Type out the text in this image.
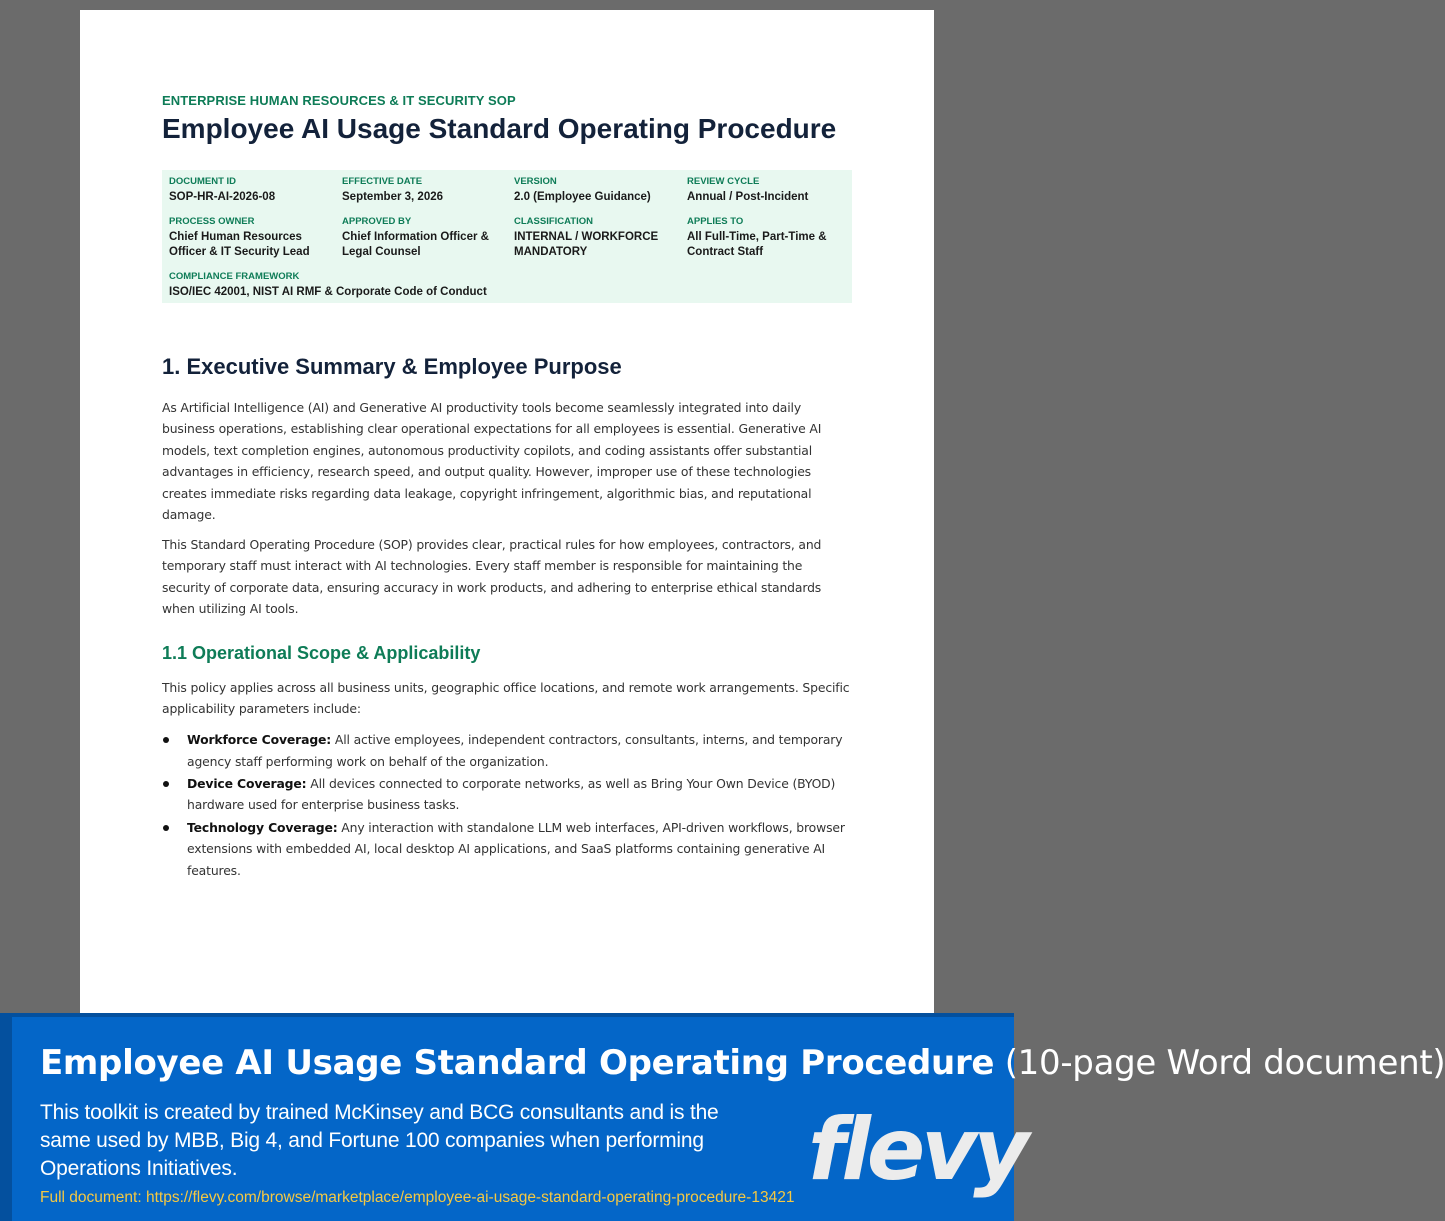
ENTERPRISE HUMAN RESOURCES & IT SECURITY SOP
Employee AI Usage Standard Operating Procedure
DOCUMENT ID
SOP-HR-AI-2026-08
EFFECTIVE DATE
September 3, 2026
VERSION
2.0 (Employee Guidance)
REVIEW CYCLE
Annual / Post-Incident
PROCESS OWNER
Chief Human Resources Officer & IT Security Lead
APPROVED BY
Chief Information Officer & Legal Counsel
CLASSIFICATION
INTERNAL / WORKFORCE MANDATORY
APPLIES TO
All Full-Time, Part-Time & Contract Staff
COMPLIANCE FRAMEWORK
ISO/IEC 42001, NIST AI RMF & Corporate Code of Conduct
1. Executive Summary & Employee Purpose

As Artificial Intelligence (AI) and Generative AI productivity tools become seamlessly integrated into daily business operations, establishing clear operational expectations for all employees is essential. Generative AI models, text completion engines, autonomous productivity copilots, and coding assistants offer substantial advantages in efficiency, research speed, and output quality. However, improper use of these technologies creates immediate risks regarding data leakage, copyright infringement, algorithmic bias, and reputational damage.

This Standard Operating Procedure (SOP) provides clear, practical rules for how employees, contractors, and temporary staff must interact with AI technologies. Every staff member is responsible for maintaining the security of corporate data, ensuring accuracy in work products, and adhering to enterprise ethical standards when utilizing AI tools.

1.1 Operational Scope & Applicability

This policy applies across all business units, geographic office locations, and remote work arrangements. Specific applicability parameters include:

Workforce Coverage: All active employees, independent contractors, consultants, interns, and temporary agency staff performing work on behalf of the organization.
Device Coverage: All devices connected to corporate networks, as well as Bring Your Own Device (BYOD) hardware used for enterprise business tasks.
Technology Coverage: Any interaction with standalone LLM web interfaces, API-driven workflows, browser extensions with embedded AI, local desktop AI applications, and SaaS platforms containing generative AI features.
Employee AI Usage Standard Operating Procedure (10-page Word document)
This toolkit is created by trained McKinsey and BCG consultants and is the same used by MBB, Big 4, and Fortune 100 companies when performing Operations Initiatives.
Full document: https://flevy.com/browse/marketplace/employee-ai-usage-standard-operating-procedure-13421 flevy
